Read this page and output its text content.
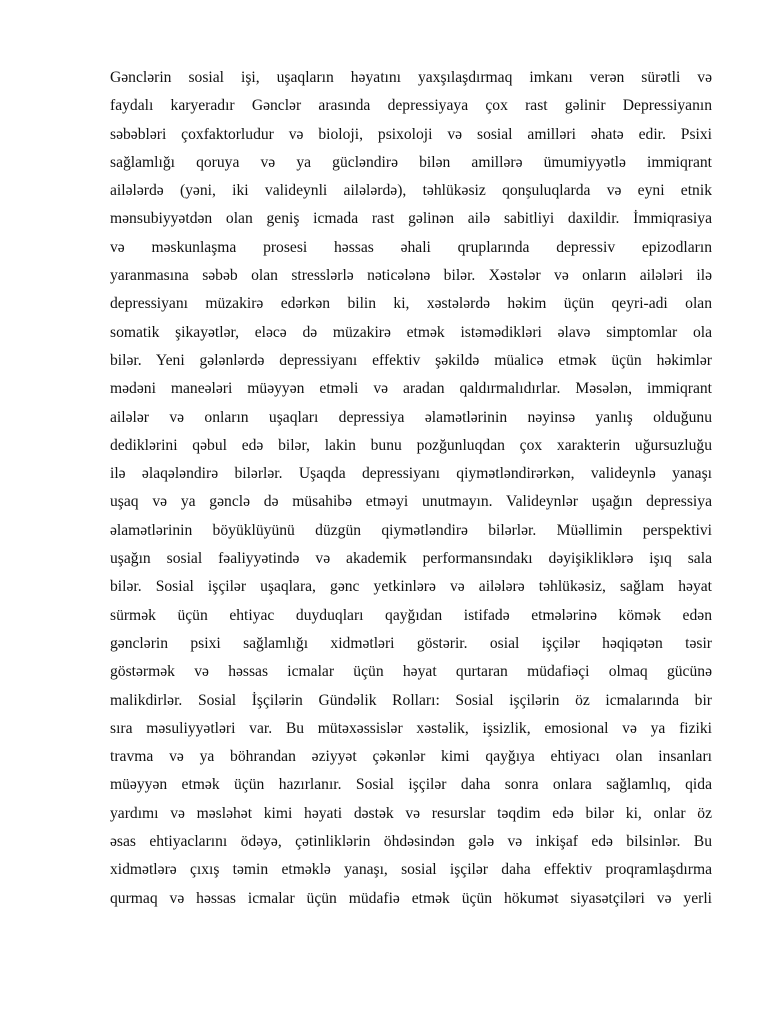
Gənclərin sosial işi, uşaqların həyatını yaxşılaşdırmaq imkanı verən sürətli və
faydalı karyeradır Gənclər arasında depressiyaya çox rast gəlinir Depressiyanın
səbəbləri çoxfaktorludur və bioloji, psixoloji və sosial amilləri əhatə edir. Psixi
sağlamlığı qoruya və ya gücləndirə bilən amillərə ümumiyyətlə immiqrant
ailələrdə (yəni, iki valideynli ailələrdə), təhlükəsiz qonşuluqlarda və eyni etnik
mənsubiyyətdən olan geniş icmada rast gəlinən ailə sabitliyi daxildir. İmmiqrasiya
və məskunlaşma prosesi həssas əhali qruplarında depressiv epizodların
yaranmasına səbəb olan stresslərlə nəticələnə bilər. Xəstələr və onların ailələri ilə
depressiyanı müzakirə edərkən bilin ki, xəstələrdə həkim üçün qeyri-adi olan
somatik şikayətlər, eləcə də müzakirə etmək istəmədikləri əlavə simptomlar ola
bilər. Yeni gələnlərdə depressiyanı effektiv şəkildə müalicə etmək üçün həkimlər
mədəni maneələri müəyyən etməli və aradan qaldırmalıdırlar. Məsələn, immiqrant
ailələr və onların uşaqları depressiya əlamətlərinin nəyinsə yanlış olduğunu
dediklərini qəbul edə bilər, lakin bunu pozğunluqdan çox xarakterin uğursuzluğu
ilə əlaqələndirə bilərlər. Uşaqda depressiyanı qiymətləndirərkən, valideynlə yanaşı
uşaq və ya gənclə də müsahibə etməyi unutmayın. Valideynlər uşağın depressiya
əlamətlərinin böyüklüyünü düzgün qiymətləndirə bilərlər. Müəllimin perspektivi
uşağın sosial fəaliyyətində və akademik performansındakı dəyişikliklərə işıq sala
bilər. Sosial işçilər uşaqlara, gənc yetkinlərə və ailələrə təhlükəsiz, sağlam həyat
sürmək üçün ehtiyac duyduqları qayğıdan istifadə etmələrinə kömək edən
gənclərin psixi sağlamlığı xidmətləri göstərir. osial işçilər həqiqətən təsir
göstərmək və həssas icmalar üçün həyat qurtaran müdafiəçi olmaq gücünə
malikdirlər. Sosial İşçilərin Gündəlik Rolları: Sosial işçilərin öz icmalarında bir
sıra məsuliyyətləri var. Bu mütəxəssislər xəstəlik, işsizlik, emosional və ya fiziki
travma və ya böhrandan əziyyət çəkənlər kimi qayğıya ehtiyacı olan insanları
müəyyən etmək üçün hazırlanır. Sosial işçilər daha sonra onlara sağlamlıq, qida
yardımı və məsləhət kimi həyati dəstək və resurslar təqdim edə bilər ki, onlar öz
əsas ehtiyaclarını ödəyə, çətinliklərin öhdəsindən gələ və inkişaf edə bilsinlər. Bu
xidmətlərə çıxış təmin etməklə yanaşı, sosial işçilər daha effektiv proqramlaşdırma
qurmaq və həssas icmalar üçün müdafiə etmək üçün hökumət siyasətçiləri və yerli
